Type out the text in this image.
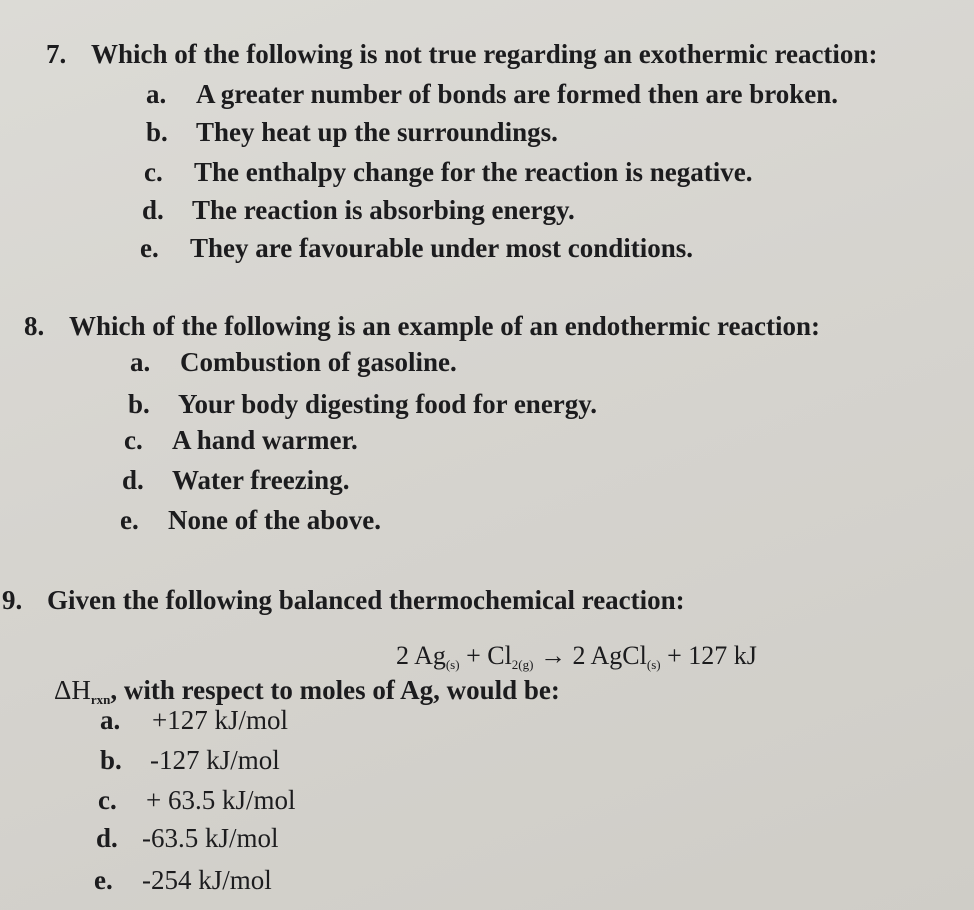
7. Which of the following is not true regarding an exothermic reaction:
a. A greater number of bonds are formed then are broken.
b. They heat up the surroundings.
c. The enthalpy change for the reaction is negative.
d. The reaction is absorbing energy.
e. They are favourable under most conditions.
8. Which of the following is an example of an endothermic reaction:
a. Combustion of gasoline.
b. Your body digesting food for energy.
c. A hand warmer.
d. Water freezing.
e. None of the above.
9. Given the following balanced thermochemical reaction:
2 $Ag_{(s)} + Cl_{2(g)} \to 2$ AgCl$_{(s)}$ + 127 kJ
$\Delta H_{rxn}$, with respect to moles of Ag, would be:
a. +127 kJ/mol
b. -127 kJ/mol
c. + 63.5 kJ/mol
d. -63.5 kJ/mol
e. -254 kJ/mol
